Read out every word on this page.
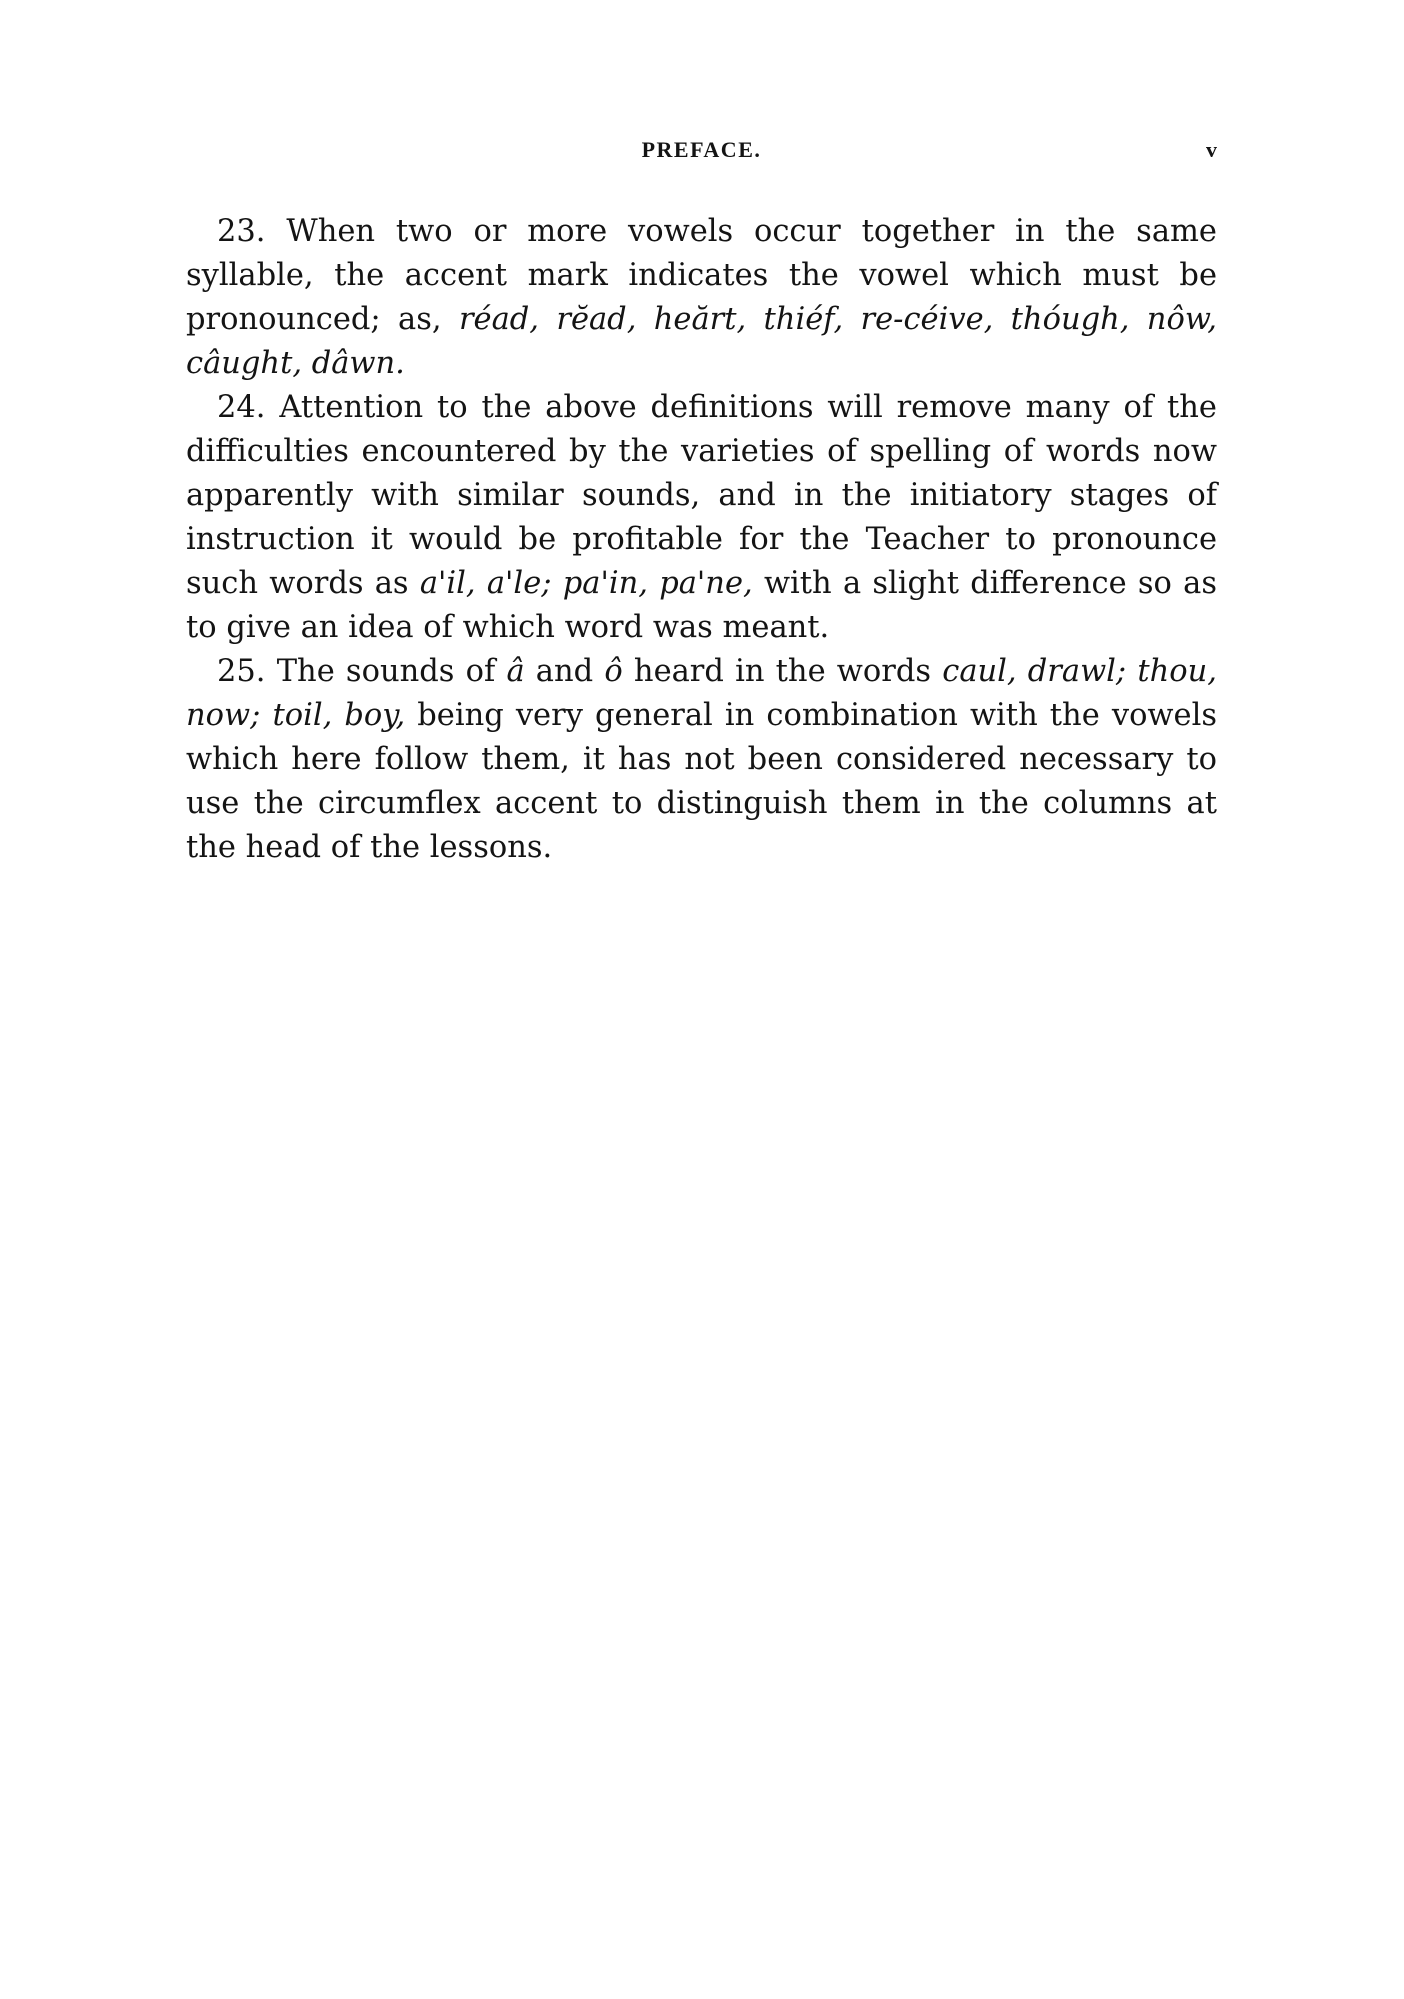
PREFACE.	v

23. When two or more vowels occur together in the same syllable, the accent mark indicates the vowel which must be pronounced; as, réad, rĕad, heărt, thiéf, re-céive, thóugh, nôw, câught, dâwn.

24. Attention to the above definitions will remove many of the difficulties encountered by the varieties of spelling of words now apparently with similar sounds, and in the initiatory stages of instruction it would be profitable for the Teacher to pronounce such words as a'il, a'le; pa'in, pa'ne, with a slight difference so as to give an idea of which word was meant.

25. The sounds of â and ô heard in the words caul, drawl; thou, now; toil, boy, being very general in combination with the vowels which here follow them, it has not been considered necessary to use the circumflex accent to distinguish them in the columns at the head of the lessons.
